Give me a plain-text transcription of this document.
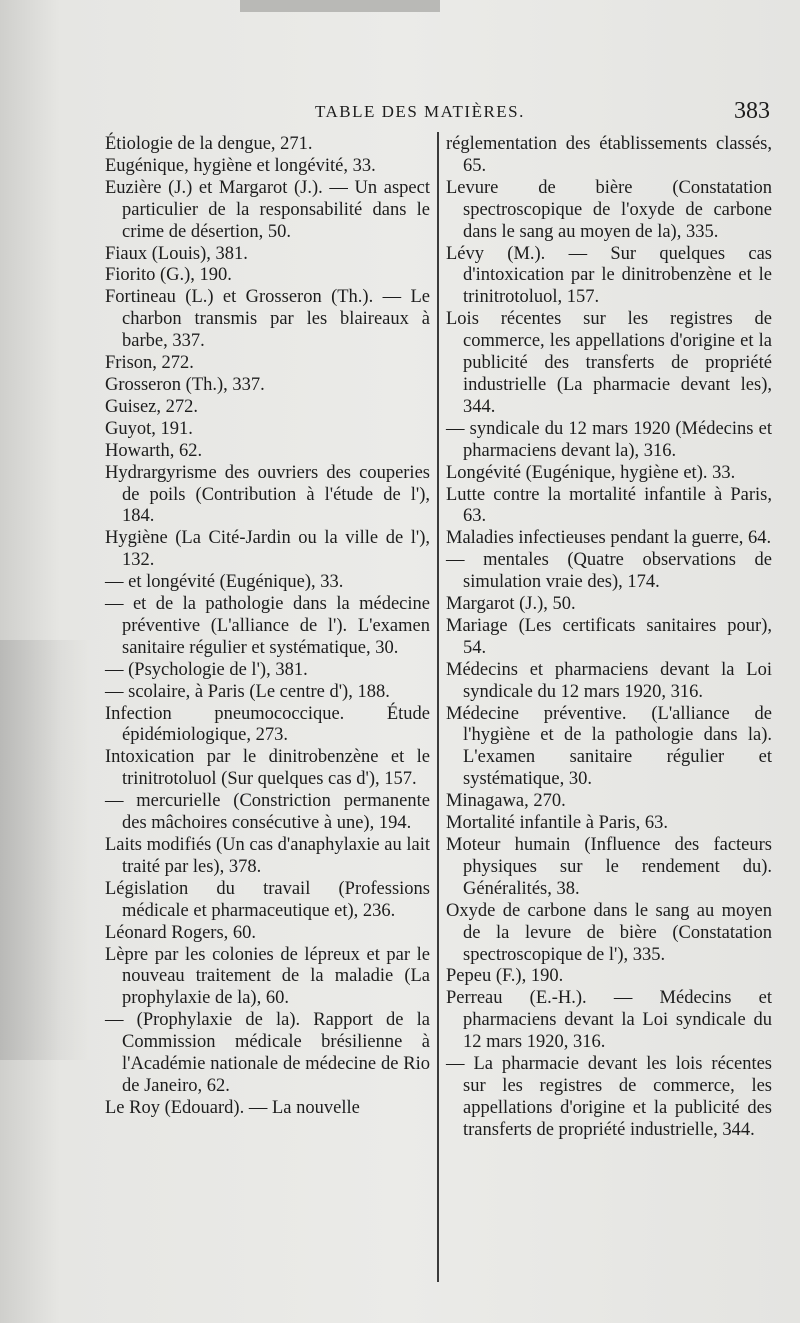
TABLE DES MATIÈRES.	383

Étiologie de la dengue, 271.

Eugénique, hygiène et longévité, 33.

Euzière (J.) et Margarot (J.). — Un aspect particulier de la responsabilité dans le crime de désertion, 50.

Fiaux (Louis), 381.

Fiorito (G.), 190.

Fortineau (L.) et Grosseron (Th.). — Le charbon transmis par les blaireaux à barbe, 337.

Frison, 272.

Grosseron (Th.), 337.

Guisez, 272.

Guyot, 191.

Howarth, 62.

Hydrargyrisme des ouvriers des couperies de poils (Contribution à l'étude de l'), 184.

Hygiène (La Cité-Jardin ou la ville de l'), 132.

— et longévité (Eugénique), 33.

— et de la pathologie dans la médecine préventive (L'alliance de l'). L'examen sanitaire régulier et systématique, 30.

— (Psychologie de l'), 381.

— scolaire, à Paris (Le centre d'), 188.

Infection pneumococcique. Étude épidémiologique, 273.

Intoxication par le dinitrobenzène et le trinitrotoluol (Sur quelques cas d'), 157.

— mercurielle (Constriction permanente des mâchoires consécutive à une), 194.

Laits modifiés (Un cas d'anaphylaxie au lait traité par les), 378.

Législation du travail (Professions médicale et pharmaceutique et), 236.

Léonard Rogers, 60.

Lèpre par les colonies de lépreux et par le nouveau traitement de la maladie (La prophylaxie de la), 60.

— (Prophylaxie de la). Rapport de la Commission médicale brésilienne à l'Académie nationale de médecine de Rio de Janeiro, 62.

Le Roy (Edouard). — La nouvelle

réglementation des établissements classés, 65.

Levure de bière (Constatation spectroscopique de l'oxyde de carbone dans le sang au moyen de la), 335.

Lévy (M.). — Sur quelques cas d'intoxication par le dinitrobenzène et le trinitrotoluol, 157.

Lois récentes sur les registres de commerce, les appellations d'origine et la publicité des transferts de propriété industrielle (La pharmacie devant les), 344.

— syndicale du 12 mars 1920 (Médecins et pharmaciens devant la), 316.

Longévité (Eugénique, hygiène et). 33.

Lutte contre la mortalité infantile à Paris, 63.

Maladies infectieuses pendant la guerre, 64.

— mentales (Quatre observations de simulation vraie des), 174.

Margarot (J.), 50.

Mariage (Les certificats sanitaires pour), 54.

Médecins et pharmaciens devant la Loi syndicale du 12 mars 1920, 316.

Médecine préventive. (L'alliance de l'hygiène et de la pathologie dans la). L'examen sanitaire régulier et systématique, 30.

Minagawa, 270.

Mortalité infantile à Paris, 63.

Moteur humain (Influence des facteurs physiques sur le rendement du). Généralités, 38.

Oxyde de carbone dans le sang au moyen de la levure de bière (Constatation spectroscopique de l'), 335.

Pepeu (F.), 190.

Perreau (E.-H.). — Médecins et pharmaciens devant la Loi syndicale du 12 mars 1920, 316.

— La pharmacie devant les lois récentes sur les registres de commerce, les appellations d'origine et la publicité des transferts de propriété industrielle, 344.
